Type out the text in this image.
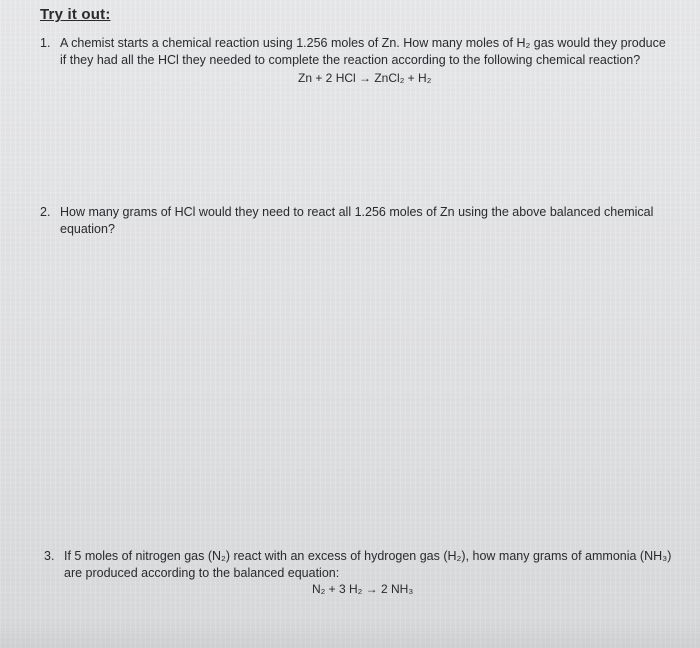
Try it out:
1. A chemist starts a chemical reaction using 1.256 moles of Zn. How many moles of H₂ gas would they produce if they had all the HCl they needed to complete the reaction according to the following chemical reaction?
Zn + 2 HCl → ZnCl₂ + H₂
2. How many grams of HCl would they need to react all 1.256 moles of Zn using the above balanced chemical equation?
3. If 5 moles of nitrogen gas (N₂) react with an excess of hydrogen gas (H₂), how many grams of ammonia (NH₃) are produced according to the balanced equation:
N₂ + 3 H₂ → 2 NH₃
